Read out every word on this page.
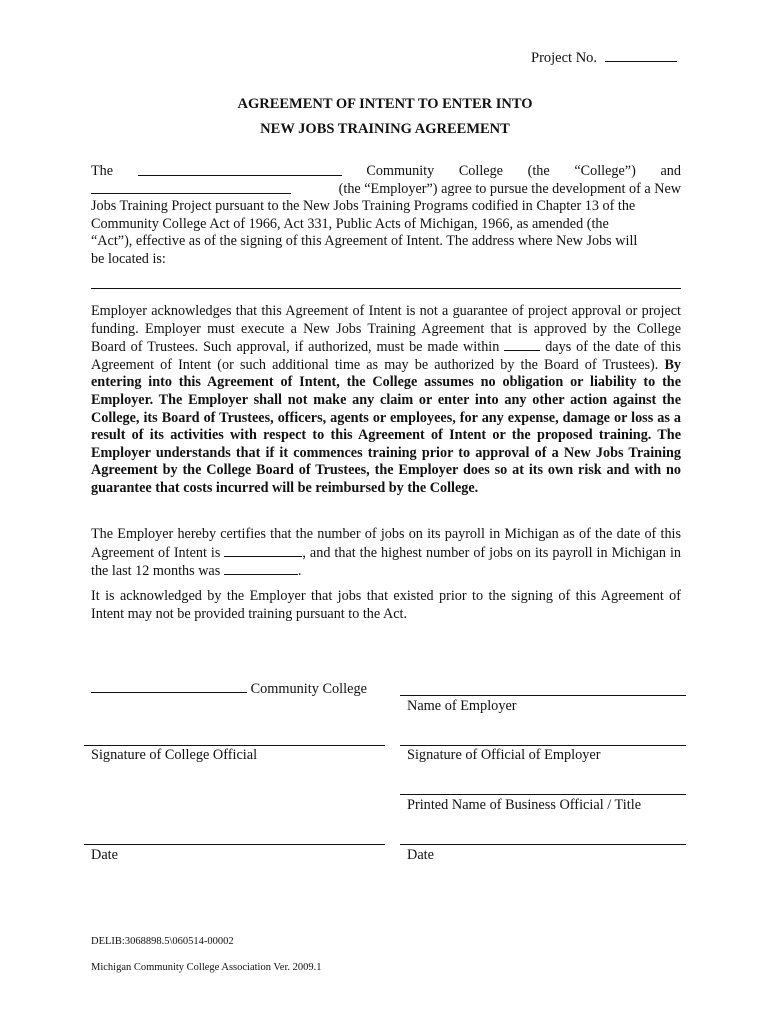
Project No.
AGREEMENT OF INTENT TO ENTER INTO
NEW JOBS TRAINING AGREEMENT
The	Community College (the “College”) and
(the “Employer”) agree to pursue the development of a New
Jobs Training Project pursuant to the New Jobs Training Programs codified in Chapter 13 of the
Community College Act of 1966, Act 331, Public Acts of Michigan, 1966, as amended (the
“Act”), effective as of the signing of this Agreement of Intent. The address where New Jobs will
be located is:
Employer acknowledges that this Agreement of Intent is not a guarantee of project approval or project funding. Employer must execute a New Jobs Training Agreement that is approved by the College Board of Trustees. Such approval, if authorized, must be made within	days of the date of this Agreement of Intent (or such additional time as may be authorized by the Board of Trustees). By entering into this Agreement of Intent, the College assumes no obligation or liability to the Employer. The Employer shall not make any claim or enter into any other action against the College, its Board of Trustees, officers, agents or employees, for any expense, damage or loss as a result of its activities with respect to this Agreement of Intent or the proposed training. The Employer understands that if it commences training prior to approval of a New Jobs Training Agreement by the College Board of Trustees, the Employer does so at its own risk and with no guarantee that costs incurred will be reimbursed by the College.
The Employer hereby certifies that the number of jobs on its payroll in Michigan as of the date of this Agreement of Intent is	, and that the highest number of jobs on its payroll in Michigan in the last 12 months was	.
It is acknowledged by the Employer that jobs that existed prior to the signing of this Agreement of Intent may not be provided training pursuant to the Act.
Community College
Signature of College Official
Date
Name of Employer
Signature of Official of Employer
Printed Name of Business Official / Title
Date
DELIB:3068898.5\060514-00002
Michigan Community College Association Ver. 2009.1
